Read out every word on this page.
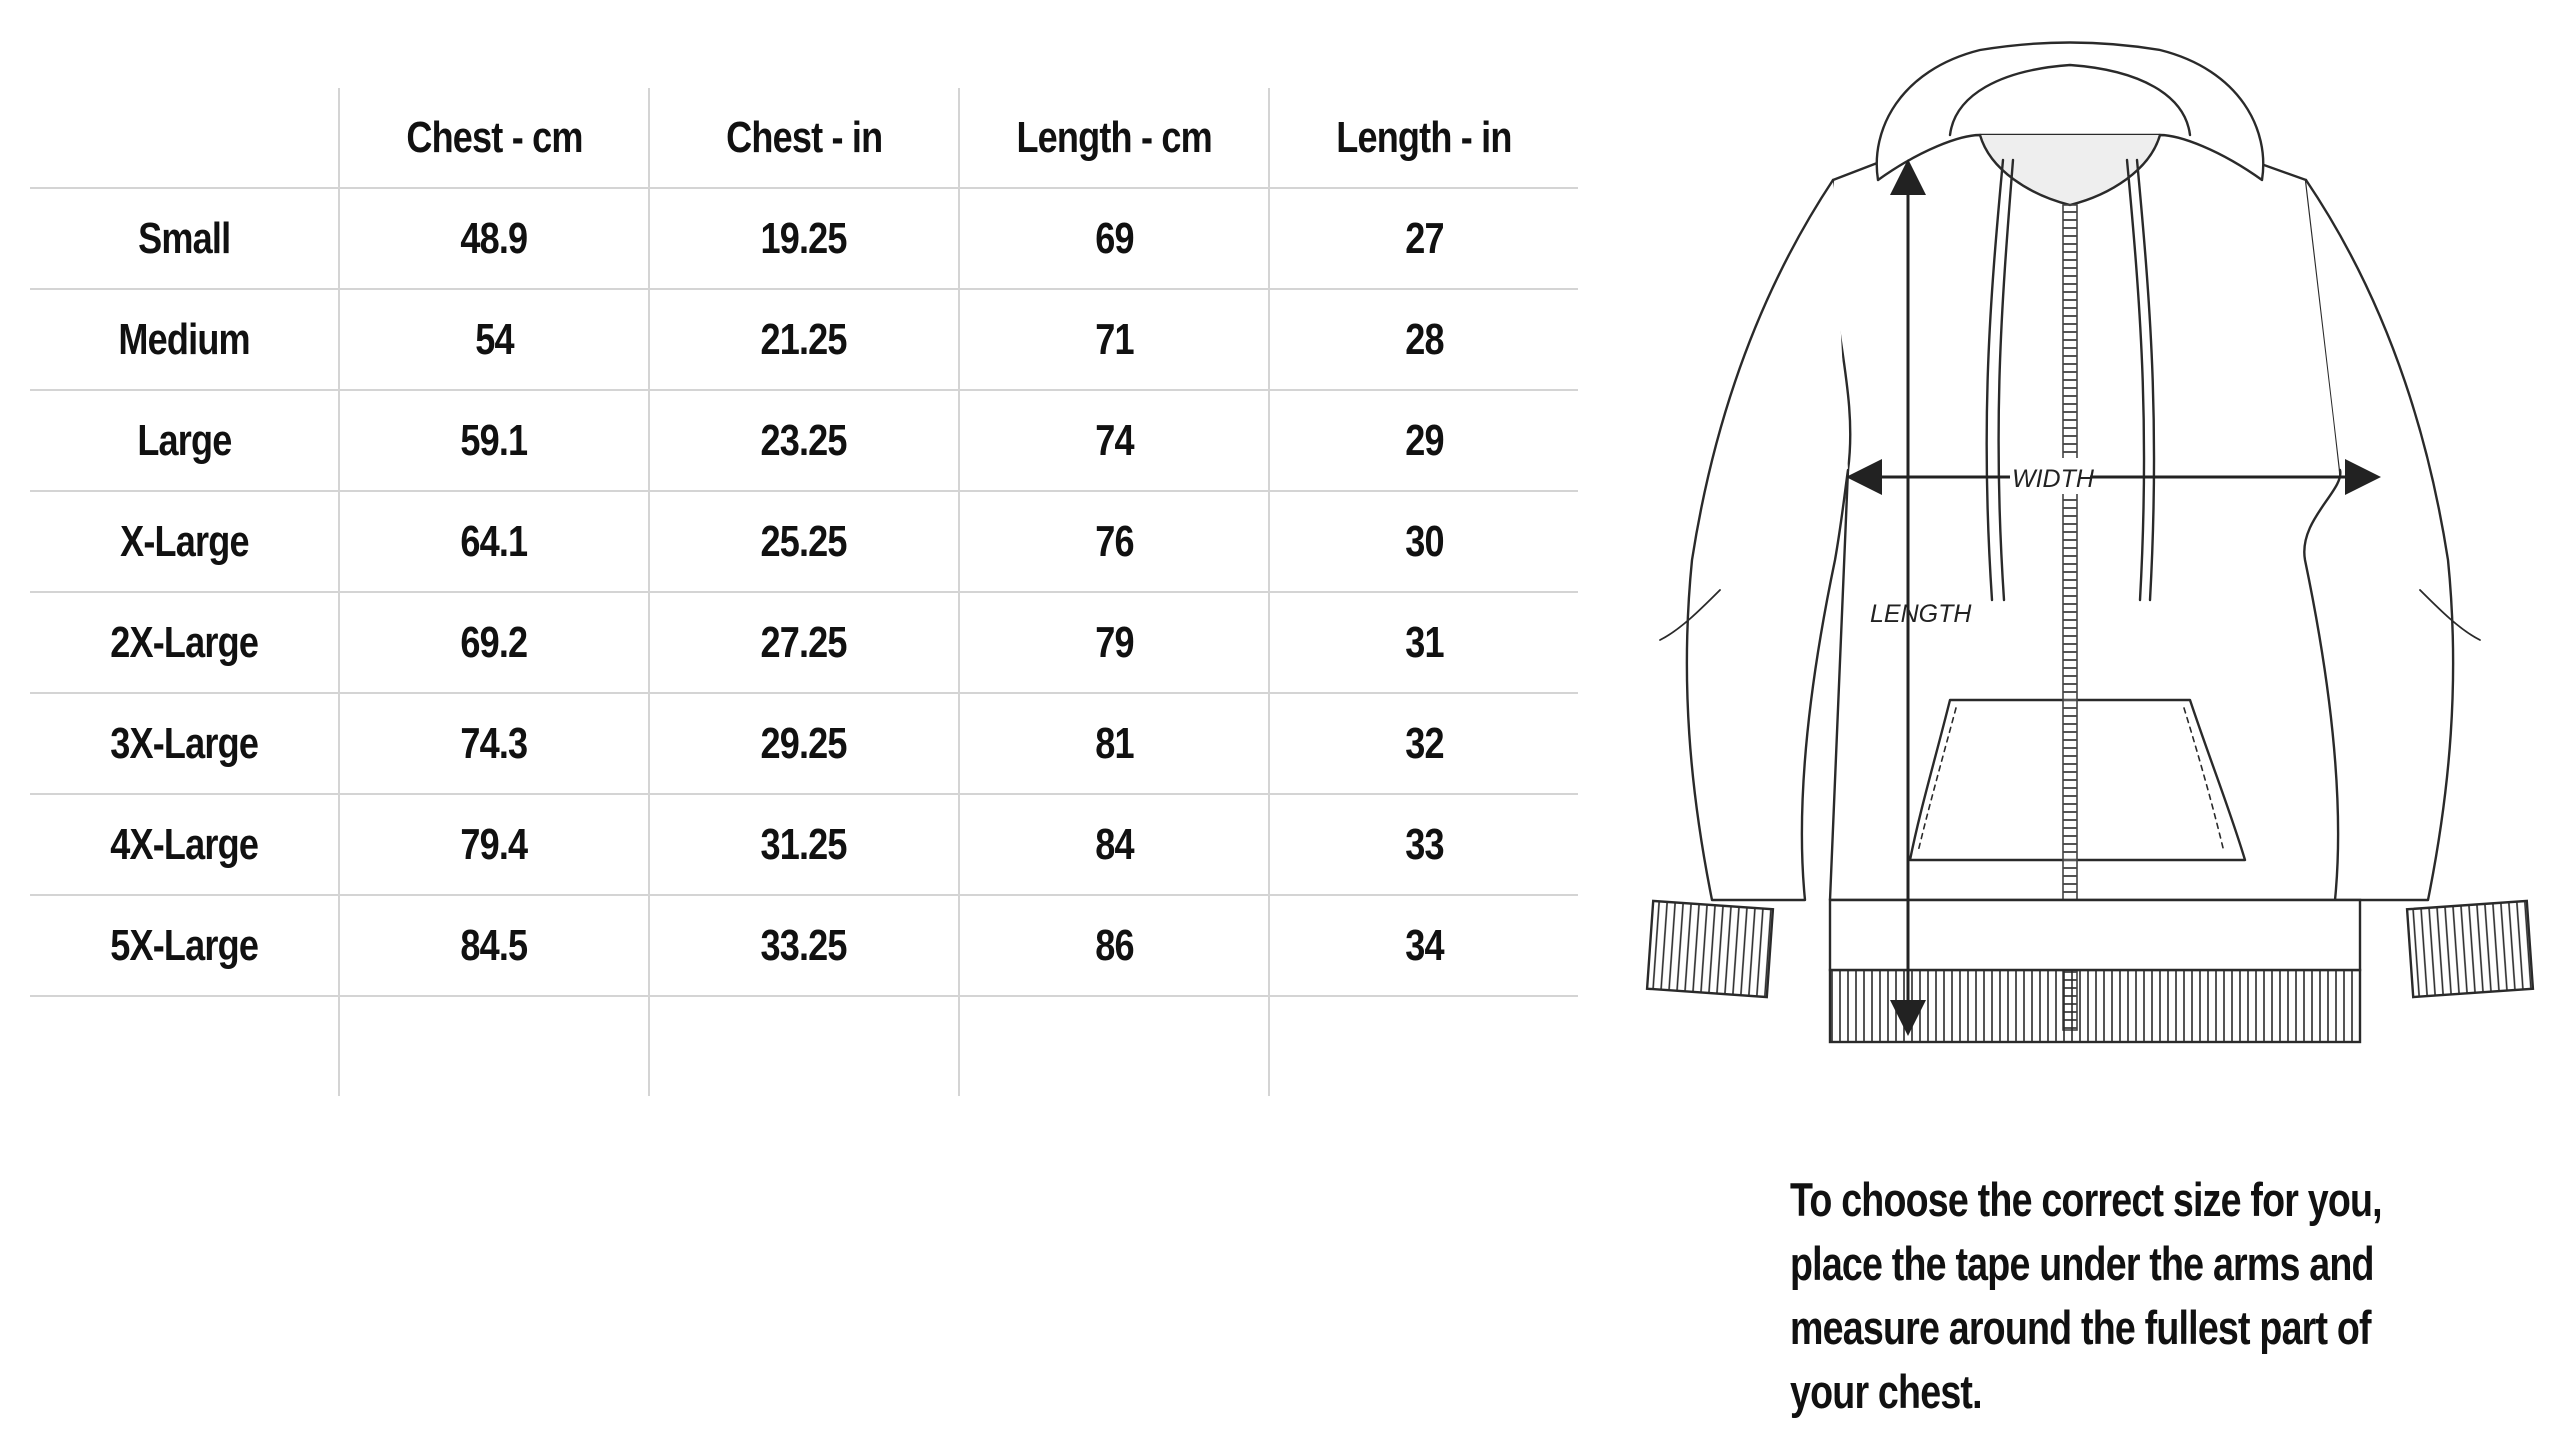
	Chest - cm	Chest - in	Length - cm	Length - in
Small	48.9	19.25	69	27
Medium	54	21.25	71	28
Large	59.1	23.25	74	29
X-Large	64.1	25.25	76	30
2X-Large	69.2	27.25	79	31
3X-Large	74.3	29.25	81	32
4X-Large	79.4	31.25	84	33
5X-Large	84.5	33.25	86	34

WIDTH
LENGTH

To choose the correct size for you,
place the tape under the arms and
measure around the fullest part of
your chest.
